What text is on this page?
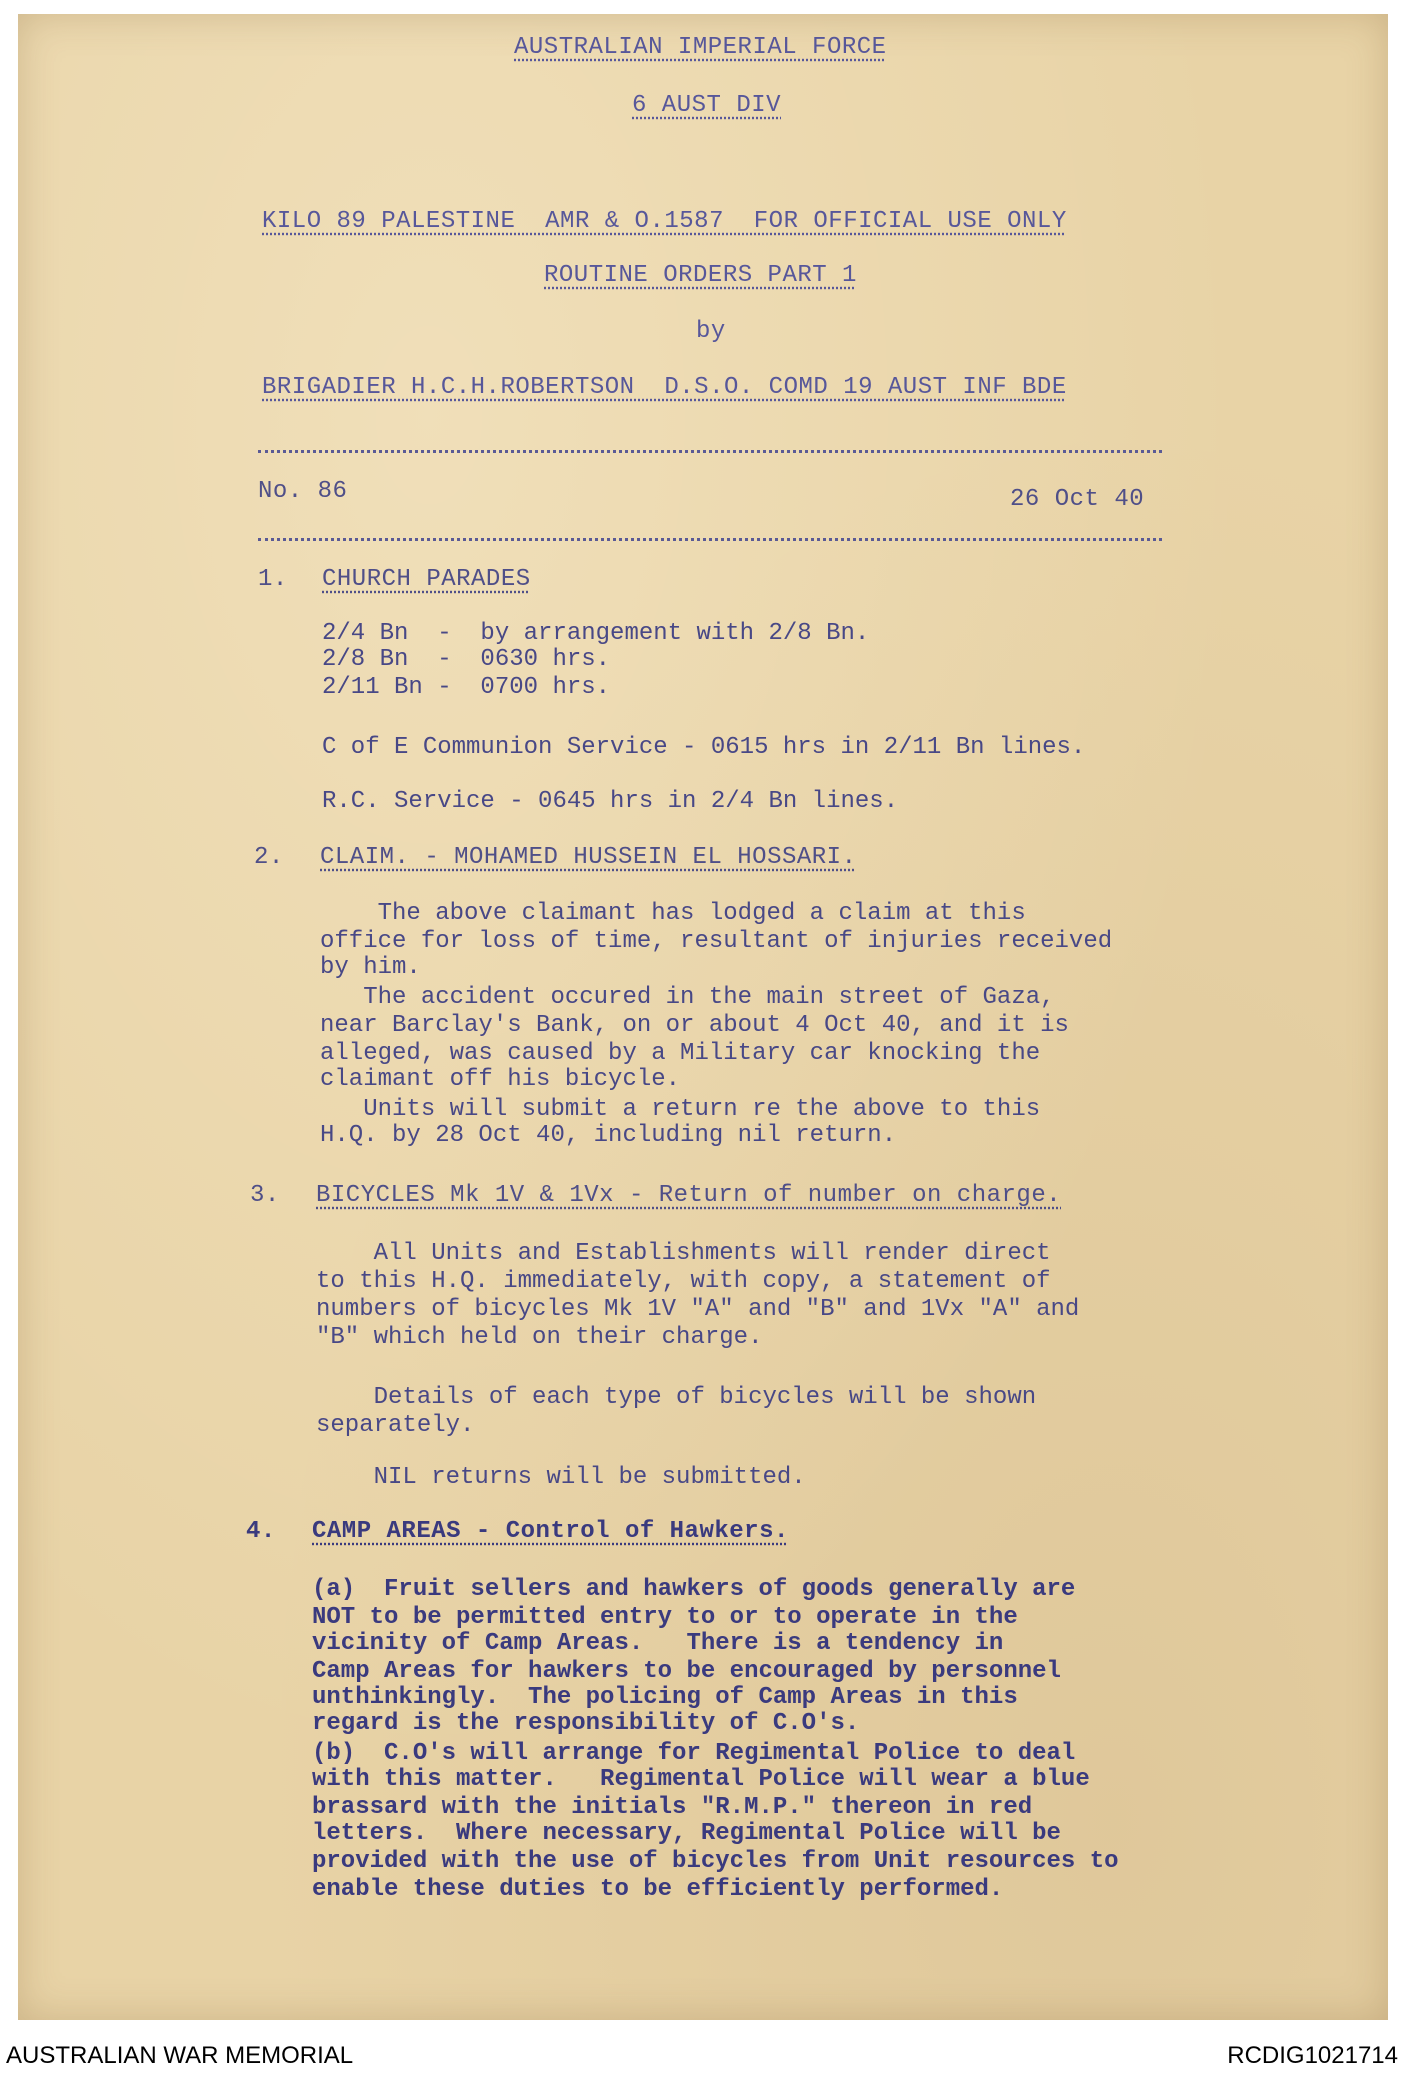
AUSTRALIAN IMPERIAL FORCE
6 AUST DIV
KILO 89 PALESTINE  AMR & O.1587  FOR OFFICIAL USE ONLY
ROUTINE ORDERS PART 1
by
BRIGADIER H.C.H.ROBERTSON  D.S.O. COMD 19 AUST INF BDE
No. 86	26 Oct 40
1. CHURCH PARADES
2/4 Bn  -  by arrangement with 2/8 Bn.
2/8 Bn  -  0630 hrs.
2/11 Bn -  0700 hrs.
C of E Communion Service - 0615 hrs in 2/11 Bn lines.
R.C. Service - 0645 hrs in 2/4 Bn lines.
2. CLAIM. - MOHAMED HUSSEIN EL HOSSARI.
The above claimant has lodged a claim at this
office for loss of time, resultant of injuries received
by him.
The accident occured in the main street of Gaza,
near Barclay's Bank, on or about 4 Oct 40, and it is
alleged, was caused by a Military car knocking the
claimant off his bicycle.
Units will submit a return re the above to this
H.Q. by 28 Oct 40, including nil return.
3. BICYCLES Mk 1V & 1Vx - Return of number on charge.
All Units and Establishments will render direct
to this H.Q. immediately, with copy, a statement of
numbers of bicycles Mk 1V "A" and "B" and 1Vx "A" and
"B" which held on their charge.
Details of each type of bicycles will be shown
separately.
NIL returns will be submitted.
4. CAMP AREAS - Control of Hawkers.
(a)  Fruit sellers and hawkers of goods generally are
NOT to be permitted entry to or to operate in the
vicinity of Camp Areas.   There is a tendency in
Camp Areas for hawkers to be encouraged by personnel
unthinkingly.  The policing of Camp Areas in this
regard is the responsibility of C.O's.
(b)  C.O's will arrange for Regimental Police to deal
with this matter.   Regimental Police will wear a blue
brassard with the initials "R.M.P." thereon in red
letters.  Where necessary, Regimental Police will be
provided with the use of bicycles from Unit resources to
enable these duties to be efficiently performed.
AUSTRALIAN WAR MEMORIAL	RCDIG1021714
